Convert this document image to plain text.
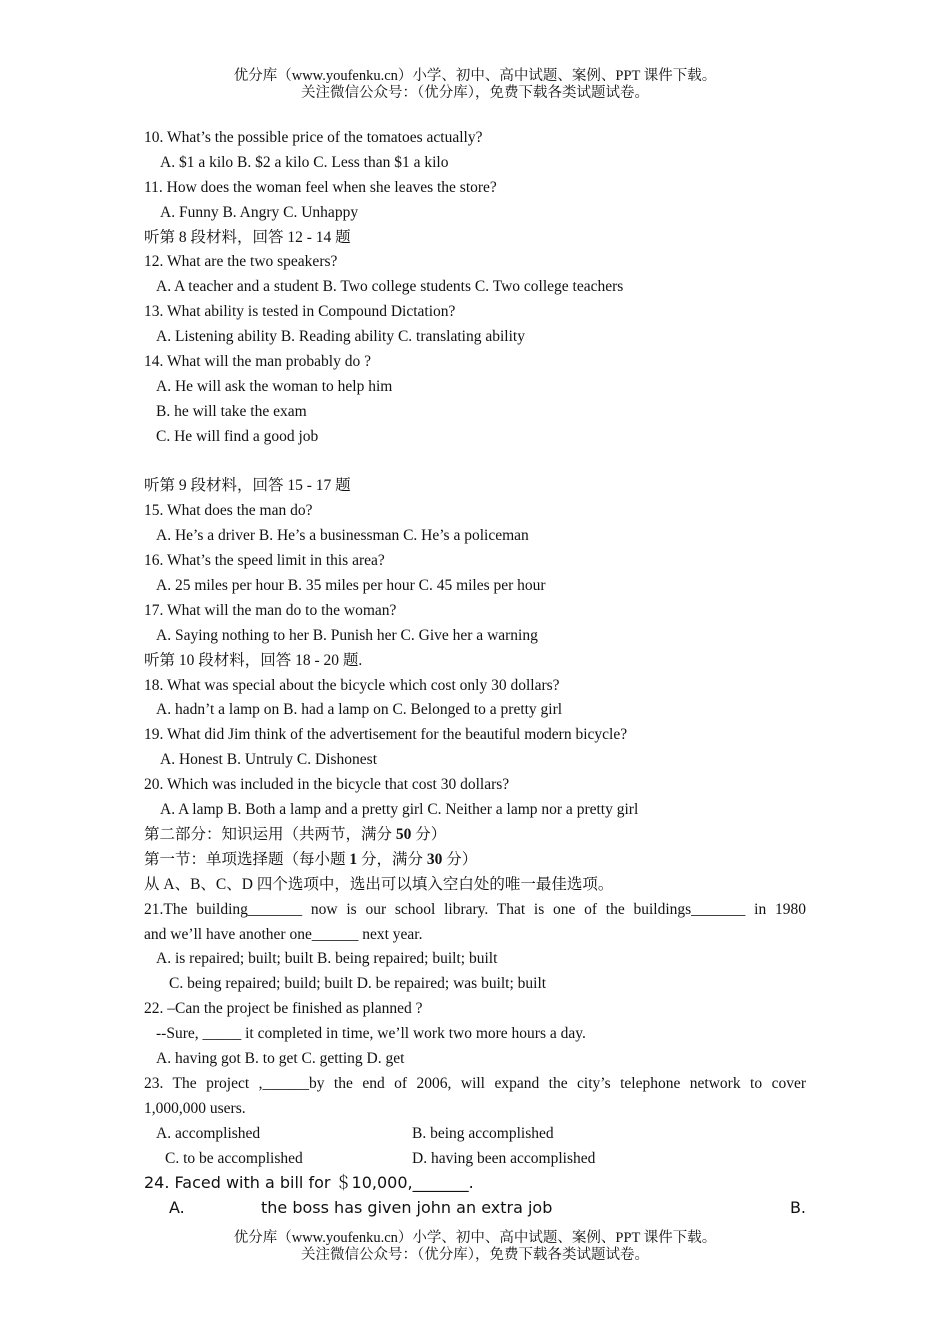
优分库（www.youfenku.cn）小学、初中、高中试题、案例、PPT 课件下载。
关注微信公众号：（优分库），免费下载各类试题试卷。
10. What’s the possible price of the tomatoes actually?
A. $1 a kilo B. $2 a kilo C. Less than $1 a kilo
11. How does the woman feel when she leaves the store?
A. Funny B. Angry C. Unhappy
听第 8 段材料，回答 12 - 14 题
12. What are the two speakers?
A. A teacher and a student B. Two college students C. Two college teachers
13. What ability is tested in Compound Dictation?
A. Listening ability B. Reading ability C. translating ability
14. What will the man probably do ?
A. He will ask the woman to help him
B. he will take the exam
C. He will find a good job
听第 9 段材料，回答 15 - 17 题
15. What does the man do?
A. He’s a driver B. He’s a businessman C. He’s a policeman
16. What’s the speed limit in this area?
A. 25 miles per hour B. 35 miles per hour C. 45 miles per hour
17. What will the man do to the woman?
A. Saying nothing to her B. Punish her C. Give her a warning
听第 10 段材料，回答 18 - 20 题.
18. What was special about the bicycle which cost only 30 dollars?
A. hadn’t a lamp on B. had a lamp on C. Belonged to a pretty girl
19. What did Jim think of the advertisement for the beautiful modern bicycle?
A. Honest B. Untruly C. Dishonest
20. Which was included in the bicycle that cost 30 dollars?
A. A lamp B. Both a lamp and a pretty girl C. Neither a lamp nor a pretty girl
第二部分：知识运用（共两节，满分 50 分）
第一节：单项选择题（每小题 1 分，满分 30 分）
从 A、B、C、D 四个选项中，选出可以填入空白处的唯一最佳选项。
21.The building_______ now is our school library. That is one of the buildings_______ in 1980
and we’ll have another one______ next year.
A. is repaired; built; built B. being repaired; built; built
C. being repaired; build; built D. be repaired; was built; built
22. –Can the project be finished as planned ?
--Sure, _____ it completed in time, we’ll work two more hours a day.
A. having got B. to get C. getting D. get
23. The project ,______by the end of 2006, will expand the city’s telephone network to cover
1,000,000 users.
A. accomplished	B. being accomplished
C. to be accomplished	D. having been accomplished
24. Faced with a bill for ＄10,000,_______.
A.	the boss has given john an extra job	B.
优分库（www.youfenku.cn）小学、初中、高中试题、案例、PPT 课件下载。
关注微信公众号：（优分库），免费下载各类试题试卷。
